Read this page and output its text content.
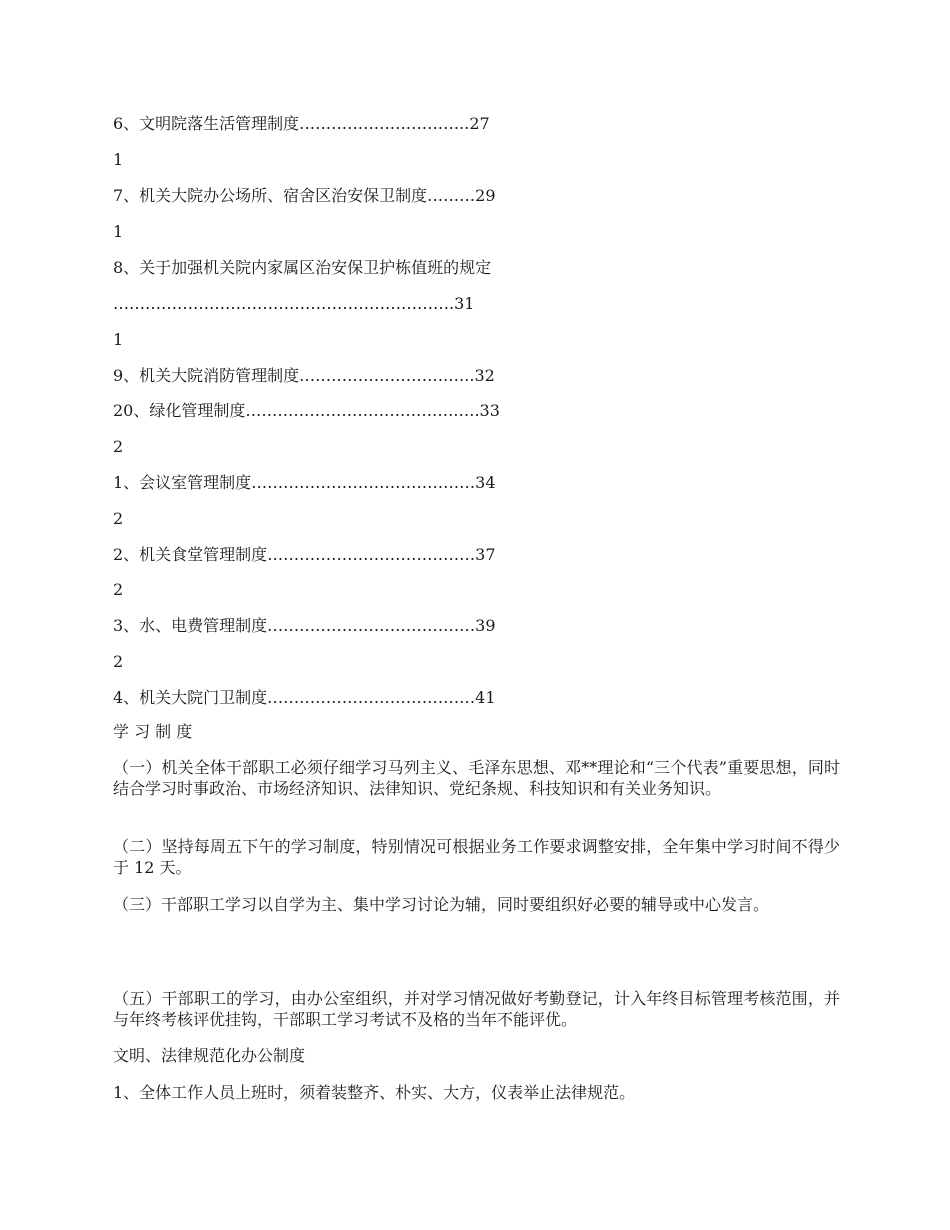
6、文明院落生活管理制度…………………………..27
1
7、机关大院办公场所、宿舍区治安保卫制度………29
1
8、关于加强机关院内家属区治安保卫护栋值班的规定
……………………………………………………….31
1
9、机关大院消防管理制度……………………….…..32
20、绿化管理制度………………………………….….33
2
1、会议室管理制度……………………………………34
2
2、机关食堂管理制度…………………………………37
2
3、水、电费管理制度…………………………………39
2
4、机关大院门卫制度…………………………………41
学 习 制 度
（一）机关全体干部职工必须仔细学习马列主义、毛泽东思想、邓**理论和“三个代表”重要思想，同时结合学习时事政治、市场经济知识、法律知识、党纪条规、科技知识和有关业务知识。
（二）坚持每周五下午的学习制度，特别情况可根据业务工作要求调整安排，全年集中学习时间不得少于 12 天。
（三）干部职工学习以自学为主、集中学习讨论为辅，同时要组织好必要的辅导或中心发言。
（五）干部职工的学习，由办公室组织，并对学习情况做好考勤登记，计入年终目标管理考核范围，并与年终考核评优挂钩，干部职工学习考试不及格的当年不能评优。
文明、法律规范化办公制度
1、全体工作人员上班时，须着装整齐、朴实、大方，仪表举止法律规范。
